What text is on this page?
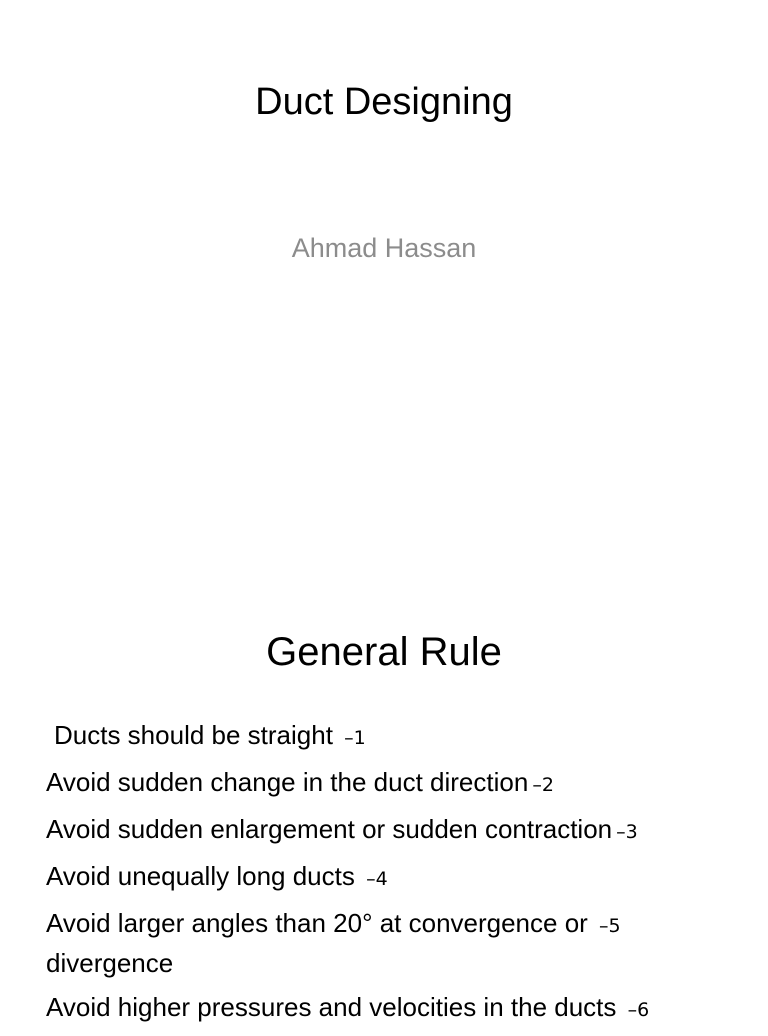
Duct Designing
Ahmad Hassan
General Rule
Ducts should be straight –1
Avoid sudden change in the duct direction –2
Avoid sudden enlargement or sudden contraction –3
Avoid unequally long ducts –4
Avoid larger angles than 20° at convergence or –5
divergence
Avoid higher pressures and velocities in the ducts –6
